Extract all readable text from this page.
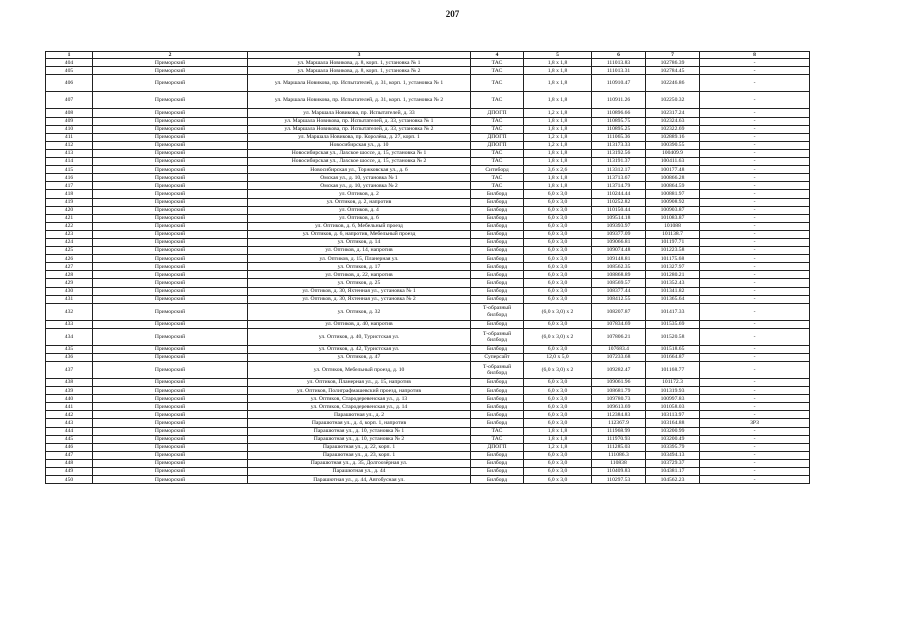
207
1	2	3	4	5	6	7	8
404	Приморский	ул. Маршала Новикова, д. 8, корп. 1, установка № 1	ТАС	1,8 х 1,8	111013.83	102786.39	-
405	Приморский	ул. Маршала Новикова, д. 8, корп. 1, установка № 2	ТАС	1,8 х 1,8	111013.31	102784.45	-
406	Приморский	ул. Маршала Новикова, пр. Испытателей, д. 31, корп. 1, установка № 1	ТАС	1,8 х 1,8	110910.47	102246.86	-
407	Приморский	ул. Маршала Новикова, пр. Испытателей, д. 31, корп. 1, установка № 2	ТАС	1,8 х 1,8	110911.26	102250.32	-
408	Приморский	ул. Маршала Новикова, пр. Испытателей, д. 33	ДПОГП	1,2 х 1,8	110896.66	102317.24	-
409	Приморский	ул. Маршала Новикова, пр. Испытателей, д. 33, установка № 1	ТАС	1,8 х 1,8	110895.75	102324.63	-
410	Приморский	ул. Маршала Новикова, пр. Испытателей, д. 33, установка № 2	ТАС	1,8 х 1,8	110895.25	102322.69	-
411	Приморский	ул. Маршала Новикова, пр. Королёва, д. 27, корп. 1	ДПОГП	1,2 х 1,8	111065.36	102889.16	-
412	Приморский	Новосибирская ул., д. 10	ДПОГП	1,2 х 1,8	113173.33	100390.55	-
413	Приморский	Новосибирская ул., Лахское шоссе, д. 15, установка № 1	ТАС	1,8 х 1,8	113192.56	100409.9	-
414	Приморский	Новосибирская ул., Лахское шоссе, д. 15, установка № 2	ТАС	1,8 х 1,8	113191.37	100411.63	-
415	Приморский	Новосибирская ул., Торжковская ул., д. 6	Ситиборд	3,6 х 2,6	113312.17	100177.48	-
416	Приморский	Омская ул., д. 10, установка № 1	ТАС	1,8 х 1,8	113713.67	100866.28	-
417	Приморский	Омская ул., д. 10, установка № 2	ТАС	1,8 х 1,8	113714.79	100864.59	-
418	Приморский	ул. Оптиков, д. 2	Билборд	6,0 х 3,0	110244.44	100881.97	-
419	Приморский	ул. Оптиков, д. 2, напротив	Билборд	6,0 х 3,0	110252.82	100908.92	-
420	Приморский	ул. Оптиков, д. 4	Билборд	6,0 х 3,0	110150.44	100903.87	-
421	Приморский	ул. Оптиков, д. 6	Билборд	6,0 х 3,0	109514.18	101083.87	-
422	Приморский	ул. Оптиков, д. 6, Мебельный проезд	Билборд	6,0 х 3,0	109393.97	101088	-
423	Приморский	ул. Оптиков, д. 6, напротив, Мебельный проезд	Билборд	6,0 х 3,0	109377.09	101138.7	-
424	Приморский	ул. Оптиков, д. 14	Билборд	6,0 х 3,0	109066.81	101197.71	-
425	Приморский	ул. Оптиков, д. 14, напротив	Билборд	6,0 х 3,0	109074.48	101223.58	-
426	Приморский	ул. Оптиков, д. 15, Планерная ул.	Билборд	6,0 х 3,0	109148.81	101175.68	-
427	Приморский	ул. Оптиков, д. 17	Билборд	6,0 х 3,0	108562.35	101327.97	-
428	Приморский	ул. Оптиков, д. 22, напротив	Билборд	6,0 х 3,0	108868.89	101280.21	-
429	Приморский	ул. Оптиков, д. 25	Билборд	6,0 х 3,0	108569.57	101352.43	-
430	Приморский	ул. Оптиков, д. 30, Яхтенная ул., установка № 1	Билборд	6,0 х 3,0	108377.44	101341.82	-
431	Приморский	ул. Оптиков, д. 30, Яхтенная ул., установка № 2	Билборд	6,0 х 3,0	108412.55	101365.64	-
432	Приморский	ул. Оптиков, д. 32	Т-образный билборд	(6,0 х 3,0) х 2	108207.87	101417.33	-
433	Приморский	ул. Оптиков, д. 40, напротив	Билборд	6,0 х 3,0	107834.69	101535.69	-
434	Приморский	ул. Оптиков, д. 40, Туристская ул.	Т-образный билборд	(6,0 х 3,0) х 2	107806.21	101520.58	-
435	Приморский	ул. Оптиков, д. 42, Туристская ул.	Билборд	6,0 х 3,0	107683.4	101518.65	-
436	Приморский	ул. Оптиков, д. 47	Суперсайт	12,0 х 5,0	107233.68	101664.87	-
437	Приморский	ул. Оптиков, Мебельный проезд, д. 10	Т-образный билборд	(6,0 х 3,0) х 2	109282.47	101168.77	-
438	Приморский	ул. Оптиков, Планерная ул., д. 15, напротив	Билборд	6,0 х 3,0	109061.96	101172.3	-
439	Приморский	ул. Оптиков, Полиграфмашевский проезд, напротив	Билборд	6,0 х 3,0	108681.79	101319.93	-
440	Приморский	ул. Оптиков, Стародеревенская ул., д. 13	Билборд	6,0 х 3,0	109780.73	100997.83	-
441	Приморский	ул. Оптиков, Стародеревенская ул., д. 14	Билборд	6,0 х 3,0	109613.69	101058.03	-
442	Приморский	Парашютная ул., д. 2	Билборд	6,0 х 3,0	112384.83	103113.97	-
443	Приморский	Парашютная ул., д. 4, корп. 1, напротив	Билборд	6,0 х 3,0	112367.9	103164.88	ЗРЗ
444	Приморский	Парашютная ул., д. 10, установка № 1	ТАС	1,8 х 1,8	111968.99	103200.99	-
445	Приморский	Парашютная ул., д. 10, установка № 2	ТАС	1,8 х 1,8	111970.93	103200.49	-
446	Приморский	Парашютная ул., д. 22, корп. 1	ДПОГП	1,2 х 1,8	111285.03	103395.79	-
447	Приморский	Парашютная ул., д. 23, корп. 1	Билборд	6,0 х 3,0	111086.3	103494.13	-
448	Приморский	Парашютная ул., д. 35, Долгоозёрная ул.	Билборд	6,0 х 3,0	110838	103729.37	-
449	Приморский	Парашютная ул., д. 44	Билборд	6,0 х 3,0	110409.83	104381.17	-
450	Приморский	Парашютная ул., д. 44, Автобусная ул.	Билборд	6,0 х 3,0	110297.53	104562.23	-
